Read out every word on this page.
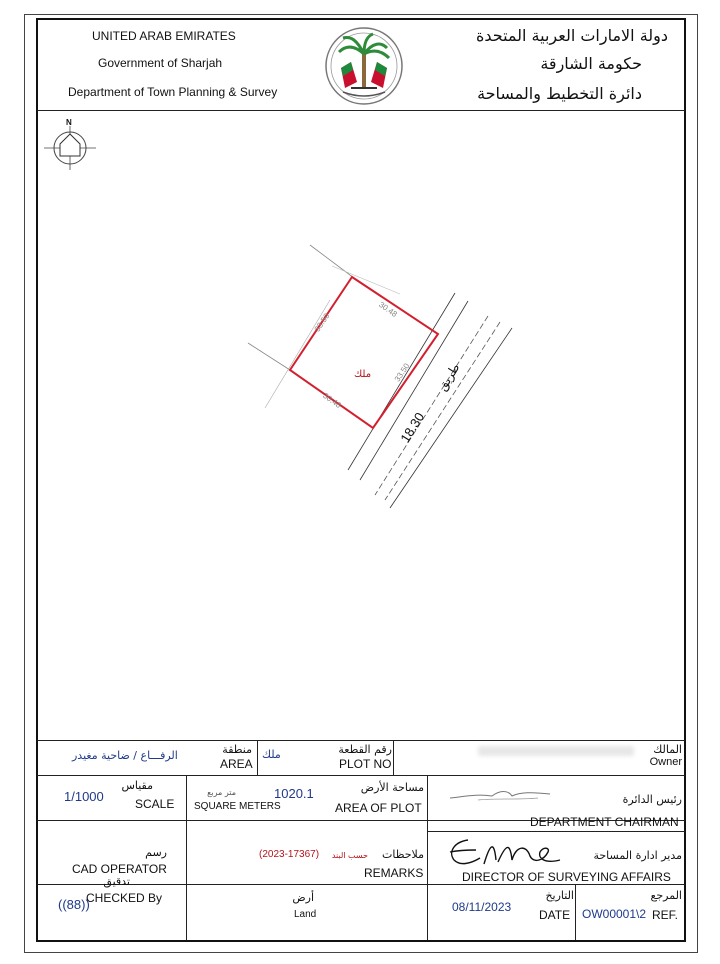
UNITED ARAB EMIRATES
Government of Sharjah
Department of Town Planning & Survey
دولة الامارات العربية المتحدة
حكومة الشارقة
دائرة التخطيط والمساحة
N
ملك
30.48
33.50
33.50
30.48
طريق
18.30
المالك
Owner
رقم القطعة
PLOT NO
ملك
منطقة
AREA
الرفـــاع / ضاحية مغيدر
رئيس الدائرة
DEPARTMENT CHAIRMAN
مساحة الأرض
AREA OF PLOT
1020.1
متر مربع
SQUARE METERS
مقياس
SCALE
1/1000
مدير ادارة المساحة
DIRECTOR OF SURVEYING AFFAIRS
ملاحظات
REMARKS
حسب البند
(2023-17367)
رسم
CAD OPERATOR
تدقيق
CHECKED By
((88))	أرض
Land
المرجع
REF.
OW00001\2
التاريخ
DATE
08/11/2023
